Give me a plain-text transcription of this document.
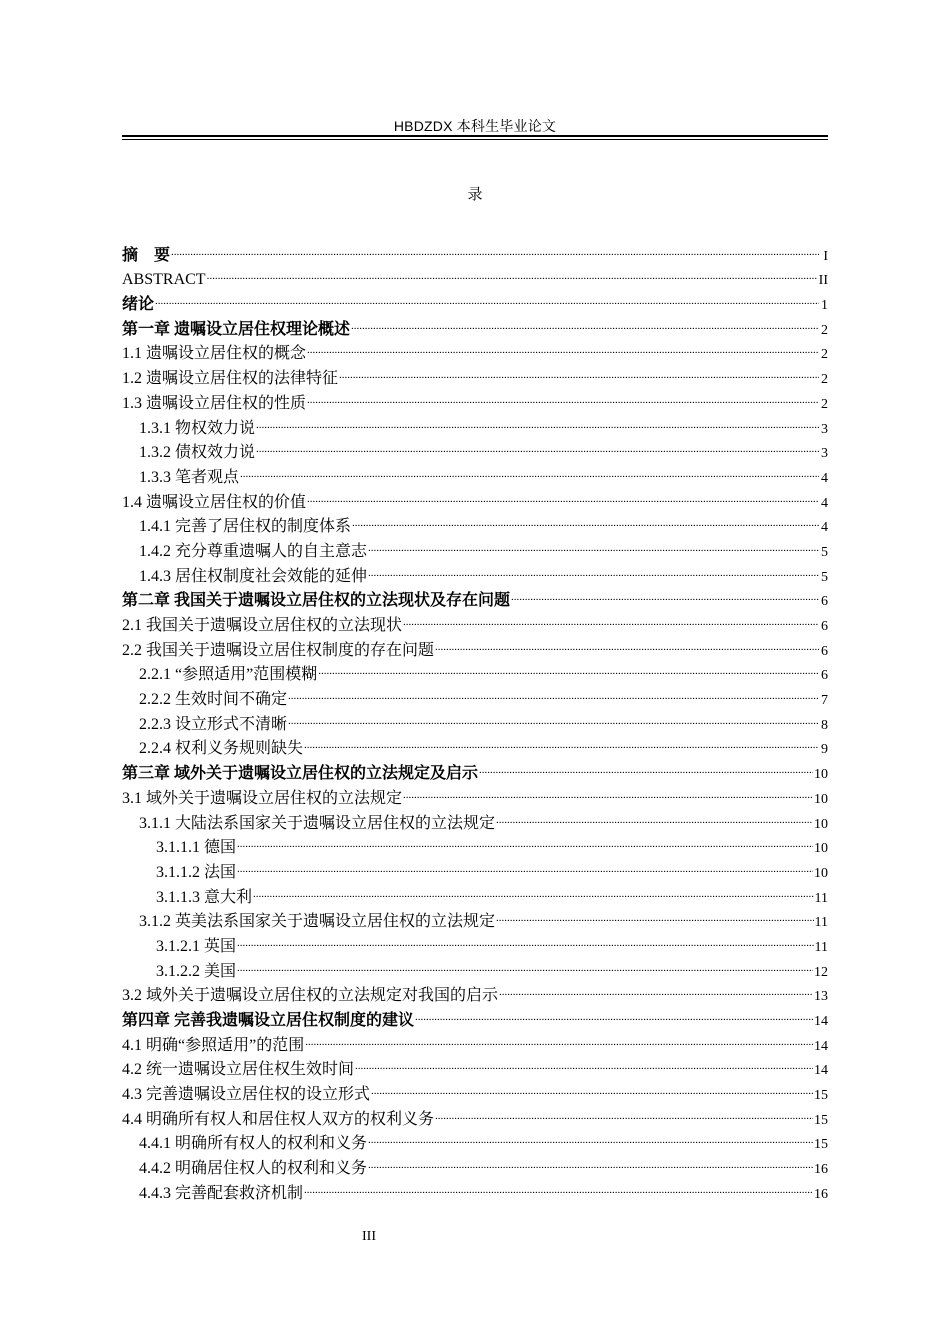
HBDZDX 本科生毕业论文
录
摘　要 .....	I
ABSTRACT .....	II
绪论 .....	1
第一章 遗嘱设立居住权理论概述 .....	2
1.1 遗嘱设立居住权的概念 .....	2
1.2 遗嘱设立居住权的法律特征 .....	2
1.3 遗嘱设立居住权的性质 .....	2
1.3.1 物权效力说 .....	3
1.3.2 债权效力说 .....	3
1.3.3 笔者观点 .....	4
1.4 遗嘱设立居住权的价值 .....	4
1.4.1 完善了居住权的制度体系 .....	4
1.4.2 充分尊重遗嘱人的自主意志 .....	5
1.4.3 居住权制度社会效能的延伸 .....	5
第二章 我国关于遗嘱设立居住权的立法现状及存在问题 .....	6
2.1 我国关于遗嘱设立居住权的立法现状 .....	6
2.2 我国关于遗嘱设立居住权制度的存在问题 .....	6
2.2.1 “参照适用”范围模糊 .....	6
2.2.2 生效时间不确定 .....	7
2.2.3 设立形式不清晰 .....	8
2.2.4 权利义务规则缺失 .....	9
第三章 域外关于遗嘱设立居住权的立法规定及启示 .....	10
3.1 域外关于遗嘱设立居住权的立法规定 .....	10
3.1.1 大陆法系国家关于遗嘱设立居住权的立法规定 .....	10
3.1.1.1 德国 .....	10
3.1.1.2 法国 .....	10
3.1.1.3 意大利 .....	11
3.1.2 英美法系国家关于遗嘱设立居住权的立法规定 .....	11
3.1.2.1 英国 .....	11
3.1.2.2 美国 .....	12
3.2 域外关于遗嘱设立居住权的立法规定对我国的启示 .....	13
第四章 完善我遗嘱设立居住权制度的建议 .....	14
4.1 明确“参照适用”的范围 .....	14
4.2 统一遗嘱设立居住权生效时间 .....	14
4.3 完善遗嘱设立居住权的设立形式 .....	15
4.4 明确所有权人和居住权人双方的权利义务 .....	15
4.4.1 明确所有权人的权利和义务 .....	15
4.4.2 明确居住权人的权利和义务 .....	16
4.4.3 完善配套救济机制 .....	16
III
